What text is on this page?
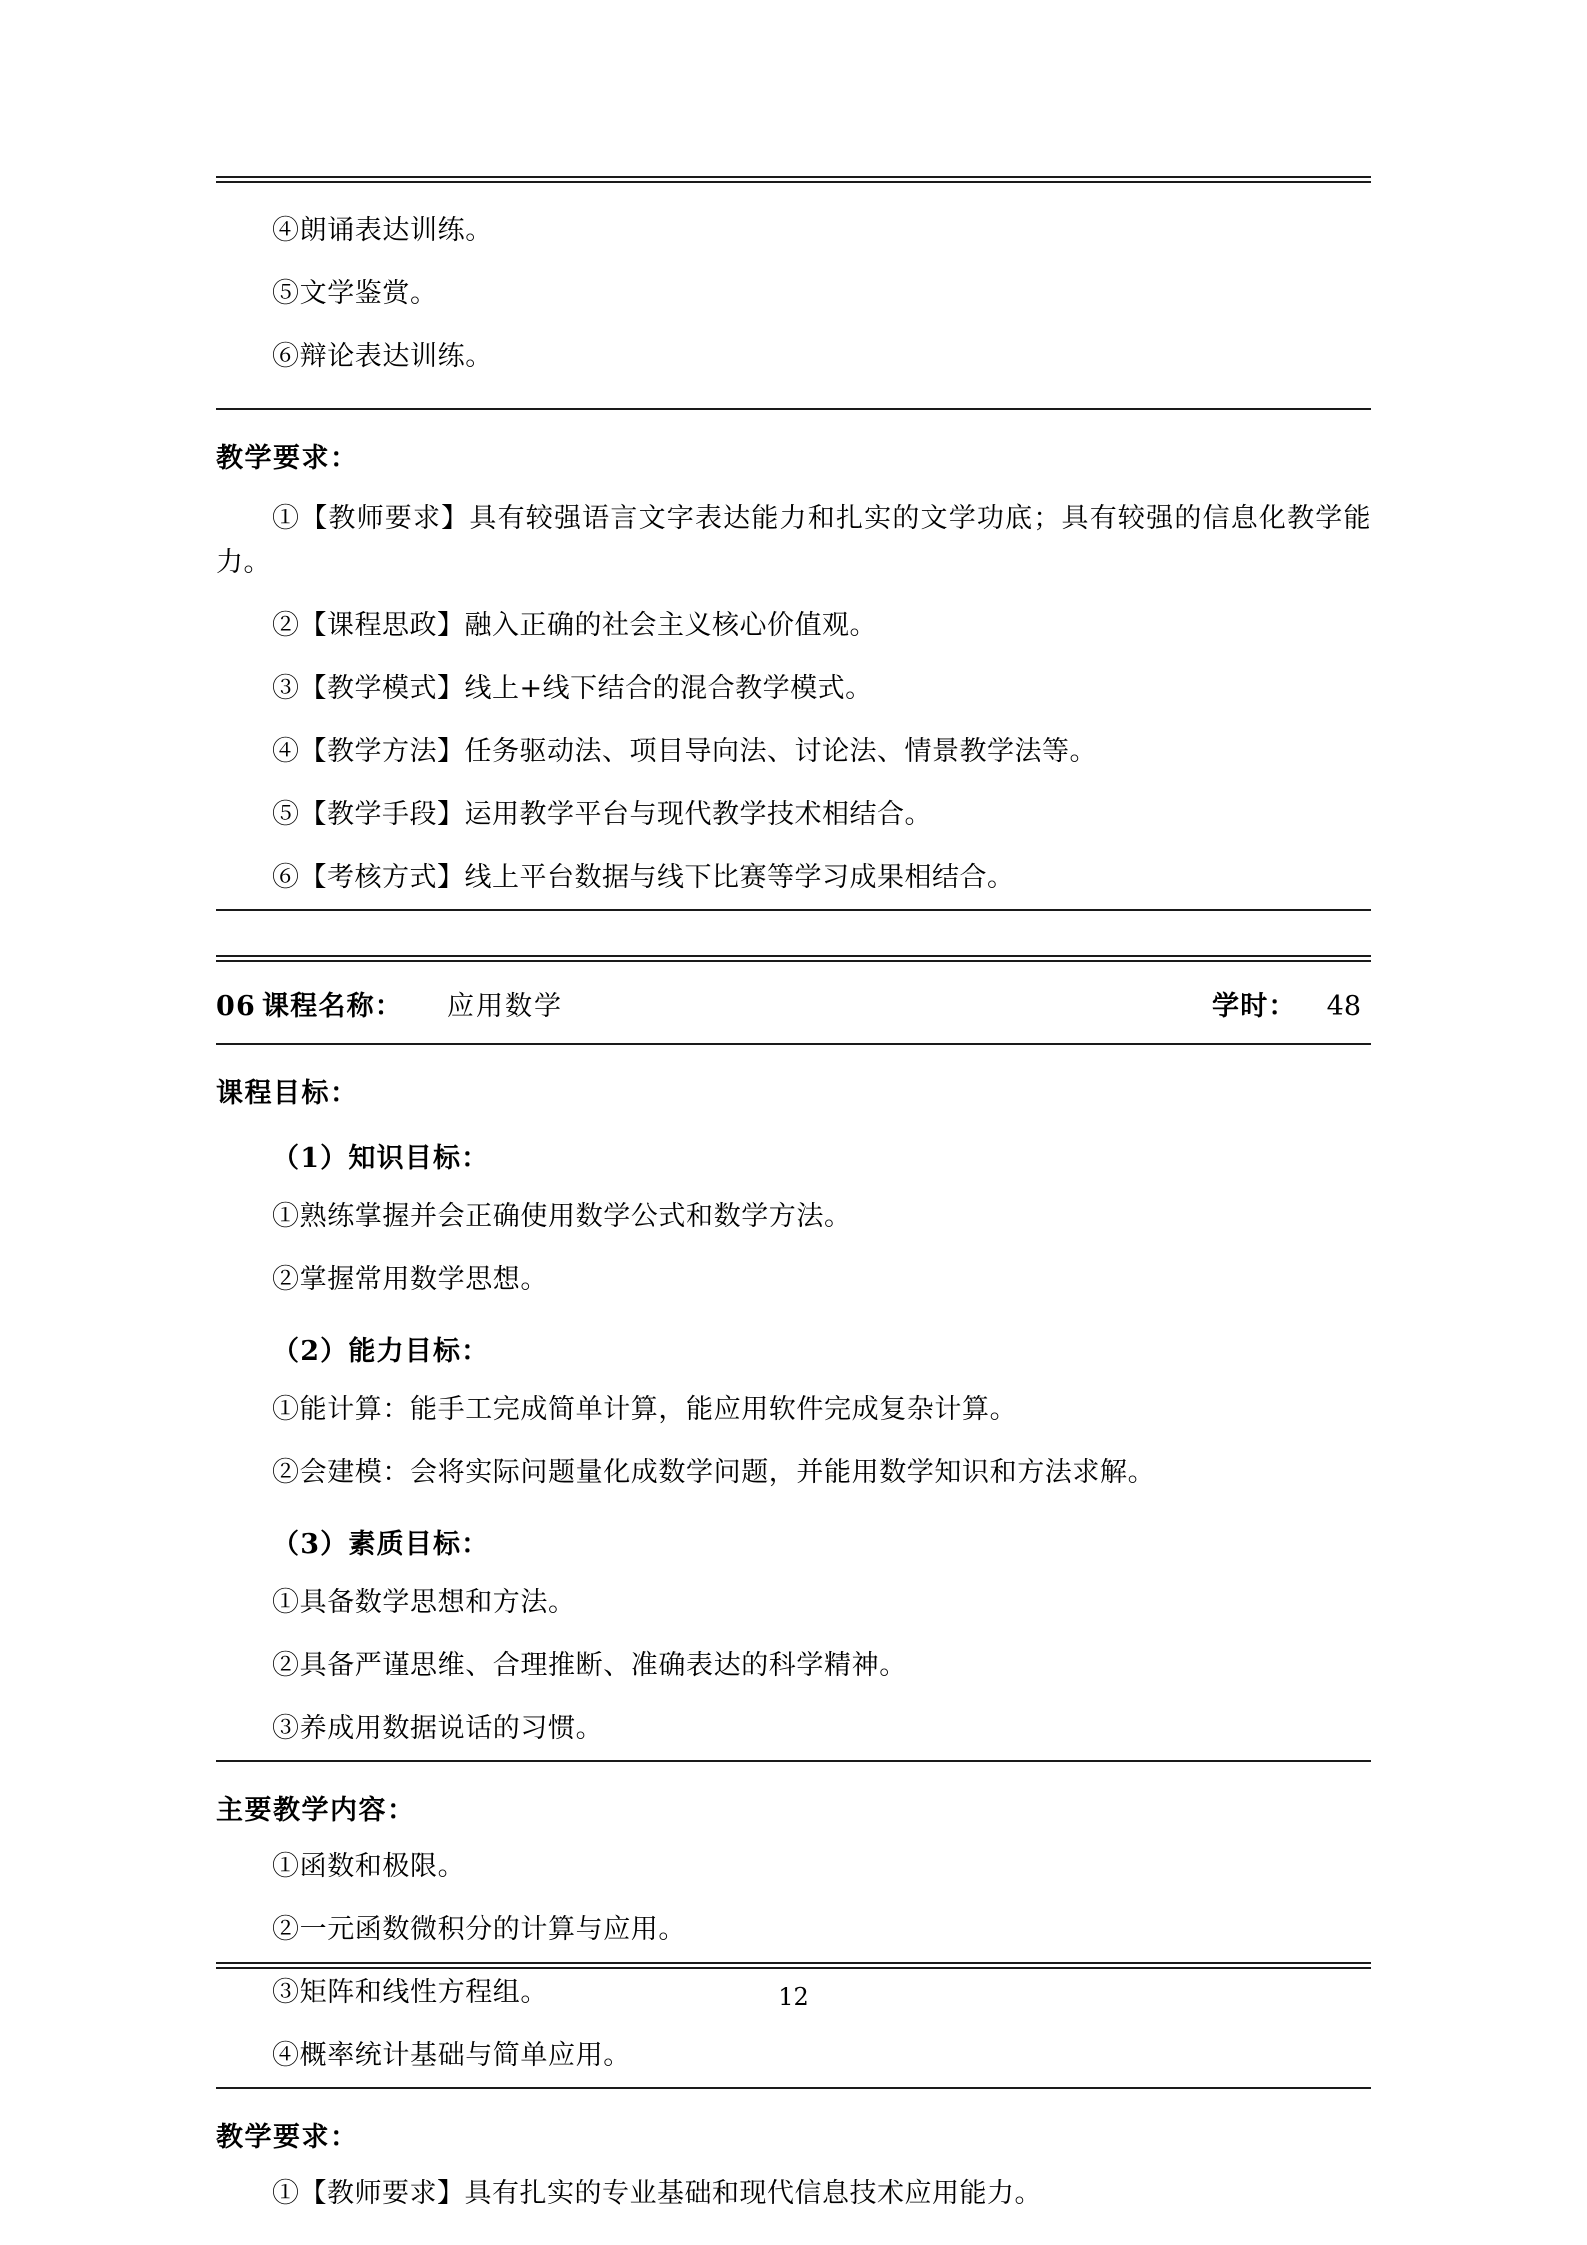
④朗诵表达训练。

⑤文学鉴赏。

⑥辩论表达训练。

教学要求：

①【教师要求】具有较强语言文字表达能力和扎实的文学功底；具有较强的信息化教学能力。

②【课程思政】融入正确的社会主义核心价值观。

③【教学模式】线上+线下结合的混合教学模式。

④【教学方法】任务驱动法、项目导向法、讨论法、情景教学法等。

⑤【教学手段】运用教学平台与现代教学技术相结合。

⑥【考核方式】线上平台数据与线下比赛等学习成果相结合。

06 课程名称： 应用数学	学时： 48

课程目标：

（1）知识目标：

①熟练掌握并会正确使用数学公式和数学方法。

②掌握常用数学思想。

（2）能力目标：

①能计算：能手工完成简单计算，能应用软件完成复杂计算。

②会建模：会将实际问题量化成数学问题，并能用数学知识和方法求解。

（3）素质目标：

①具备数学思想和方法。

②具备严谨思维、合理推断、准确表达的科学精神。

③养成用数据说话的习惯。

主要教学内容：

①函数和极限。

②一元函数微积分的计算与应用。

③矩阵和线性方程组。

④概率统计基础与简单应用。

教学要求：

①【教师要求】具有扎实的专业基础和现代信息技术应用能力。

12
